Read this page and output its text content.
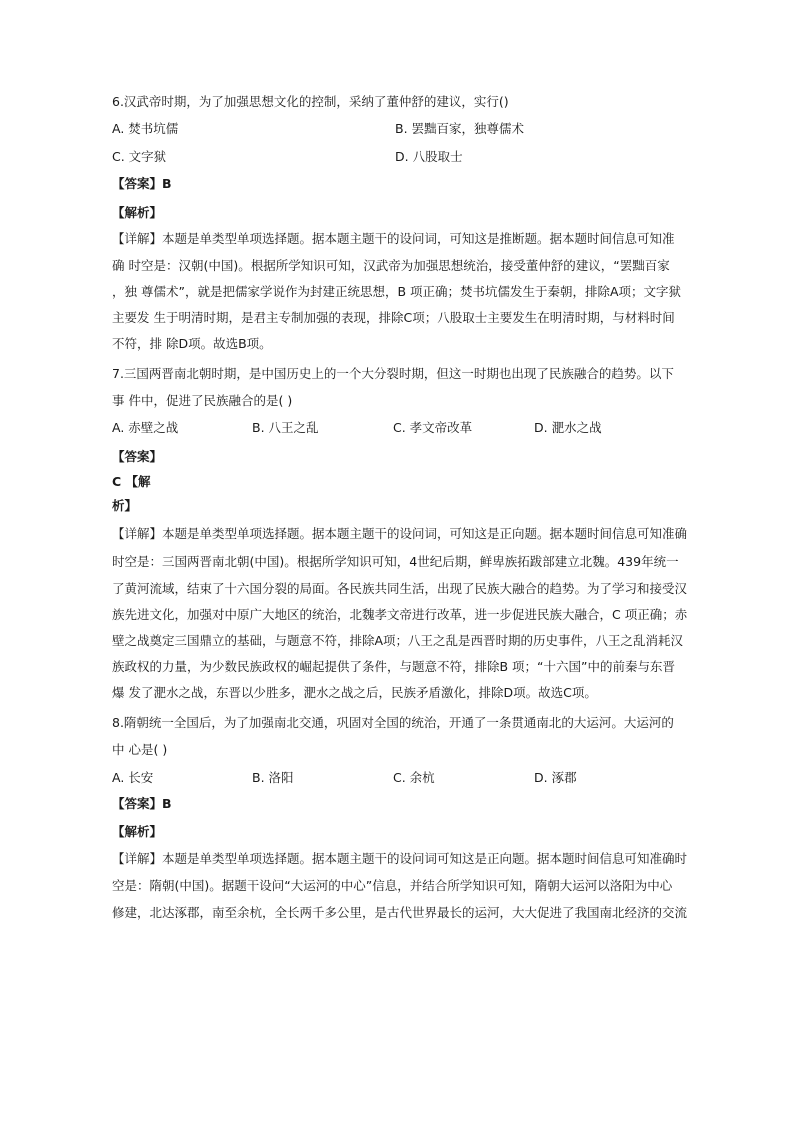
6.汉武帝时期，为了加强思想文化的控制，采纳了董仲舒的建议，实行()
A. 焚书坑儒	B. 罢黜百家，独尊儒术
C. 文字狱	D. 八股取士
【答案】B
【解析】
【详解】本题是单类型单项选择题。据本题主题干的设问词，可知这是推断题。据本题时间信息可知准
确 时空是：汉朝(中国)。根据所学知识可知，汉武帝为加强思想统治，接受董仲舒的建议，“罢黜百家
，独 尊儒术”，就是把儒家学说作为封建正统思想，B 项正确；焚书坑儒发生于秦朝，排除A项；文字狱
主要发 生于明清时期，是君主专制加强的表现，排除C项；八股取士主要发生在明清时期，与材料时间
不符，排 除D项。故选B项。
7.三国两晋南北朝时期，是中国历史上的一个大分裂时期，但这一时期也出现了民族融合的趋势。以下
事 件中，促进了民族融合的是( )
A. 赤壁之战	B. 八王之乱	C. 孝文帝改革	D. 淝水之战
【答案】
C 【解
析】
【详解】本题是单类型单项选择题。据本题主题干的设问词，可知这是正向题。据本题时间信息可知准确
时空是：三国两晋南北朝(中国)。根据所学知识可知，4世纪后期，鲜卑族拓跋部建立北魏。439年统一
了黄河流域，结束了十六国分裂的局面。各民族共同生活，出现了民族大融合的趋势。为了学习和接受汉
族先进文化，加强对中原广大地区的统治，北魏孝文帝进行改革，进一步促进民族大融合，C 项正确；赤
壁之战奠定三国鼎立的基础，与题意不符，排除A项；八王之乱是西晋时期的历史事件，八王之乱消耗汉
族政权的力量，为少数民族政权的崛起提供了条件，与题意不符，排除B 项；“十六国”中的前秦与东晋
爆 发了淝水之战，东晋以少胜多，淝水之战之后，民族矛盾激化，排除D项。故选C项。
8.隋朝统一全国后，为了加强南北交通，巩固对全国的统治，开通了一条贯通南北的大运河。大运河的
中 心是( )
A. 长安	B. 洛阳	C. 余杭	D. 涿郡
【答案】B
【解析】
【详解】本题是单类型单项选择题。据本题主题干的设问词可知这是正向题。据本题时间信息可知准确时
空是：隋朝(中国)。据题干设问“大运河的中心”信息，并结合所学知识可知，隋朝大运河以洛阳为中心
修建，北达涿郡，南至余杭，全长两千多公里，是古代世界最长的运河，大大促进了我国南北经济的交流
